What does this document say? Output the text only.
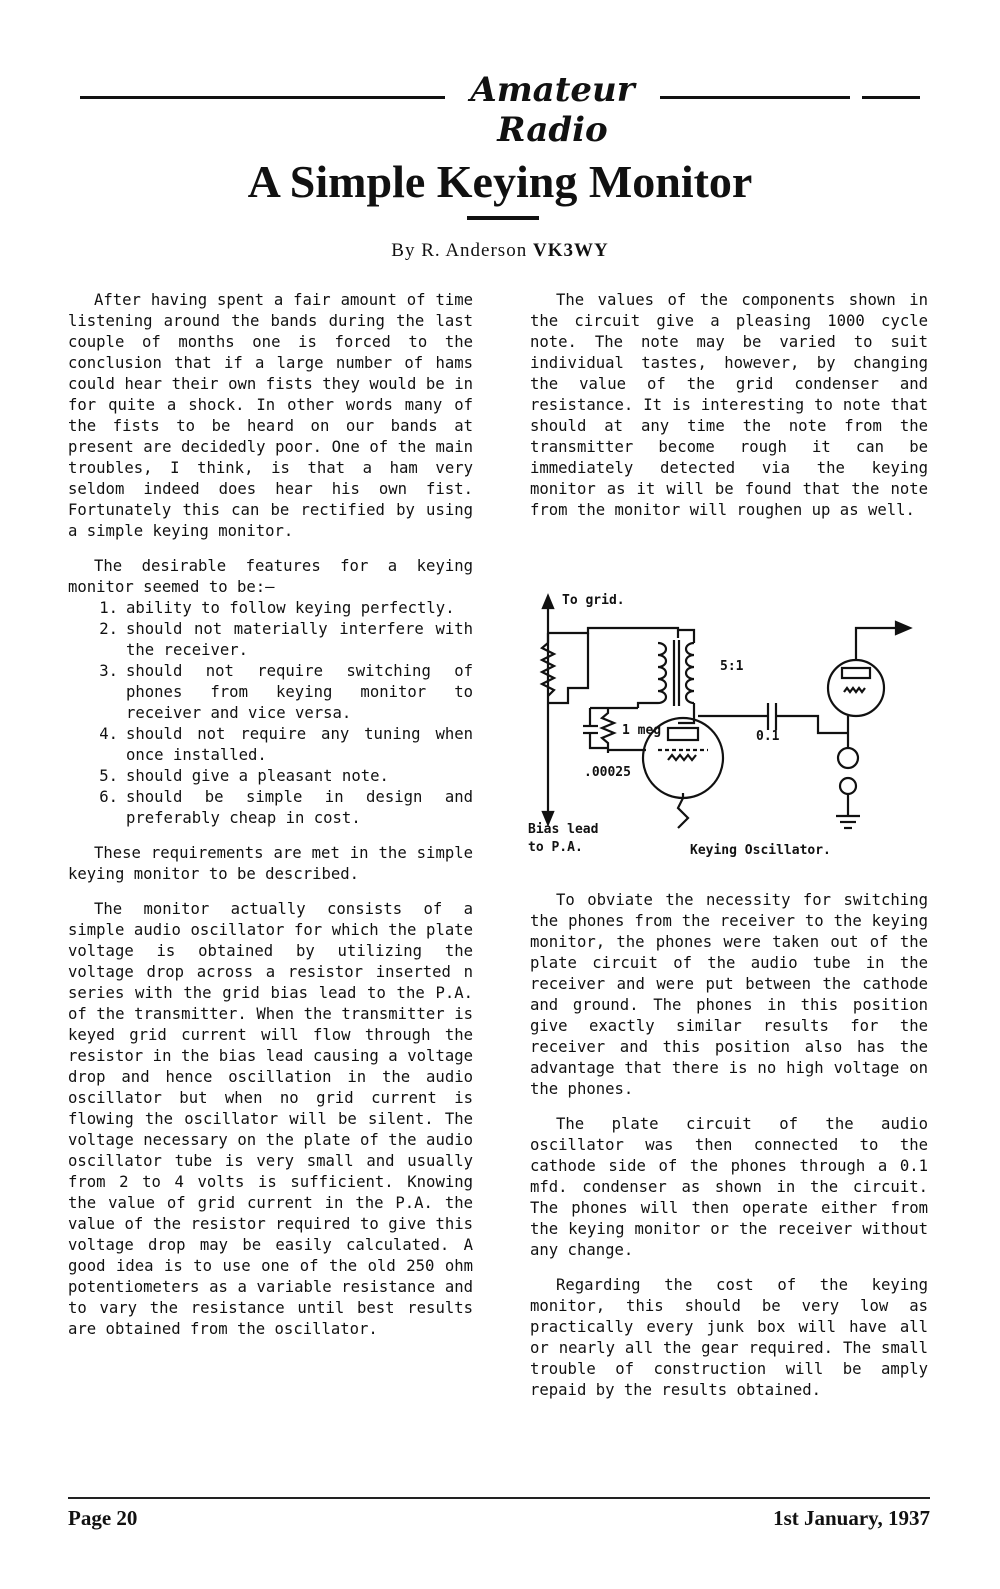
Amateur Radio
A Simple Keying Monitor
By R. Anderson VK3WY

After having spent a fair amount of time listening around the bands during the last couple of months one is forced to the conclusion that if a large number of hams could hear their own fists they would be in for quite a shock. In other words many of the fists to be heard on our bands at present are decidedly poor. One of the main troubles, I think, is that a ham very seldom indeed does hear his own fist. Fortunately this can be rectified by using a simple keying monitor.

The desirable features for a keying monitor seemed to be:—

1. ability to follow keying perfectly.
2. should not materially interfere with the receiver.
3. should not require switching of phones from keying monitor to receiver and vice versa.
4. should not require any tuning when once installed.
5. should give a pleasant note.
6. should be simple in design and preferably cheap in cost.

These requirements are met in the simple keying monitor to be described.

The monitor actually consists of a simple audio oscillator for which the plate voltage is obtained by utilizing the voltage drop across a resistor inserted n series with the grid bias lead to the P.A. of the transmitter. When the transmitter is keyed grid current will flow through the resistor in the bias lead causing a voltage drop and hence oscillation in the audio oscillator but when no grid current is flowing the oscillator will be silent. The voltage necessary on the plate of the audio oscillator tube is very small and usually from 2 to 4 volts is sufficient. Knowing the value of grid current in the P.A. the value of the resistor required to give this voltage drop may be easily calculated. A good idea is to use one of the old 250 ohm potentiometers as a variable resistance and to vary the resistance until best results are obtained from the oscillator.

The values of the components shown in the circuit give a pleasing 1000 cycle note. The note may be varied to suit individual tastes, however, by changing the value of the grid condenser and resistance. It is interesting to note that should at any time the note from the transmitter become rough it can be immediately detected via the keying monitor as it will be found that the note from the monitor will roughen up as well.

To grid.
5:1
1 meg
.00025
0.1
Bias lead
to P.A.	Keying Oscillator.

To obviate the necessity for switching the phones from the receiver to the keying monitor, the phones were taken out of the plate circuit of the audio tube in the receiver and were put between the cathode and ground. The phones in this position give exactly similar results for the receiver and this position also has the advantage that there is no high voltage on the phones.

The plate circuit of the audio oscillator was then connected to the cathode side of the phones through a 0.1 mfd. condenser as shown in the circuit. The phones will then operate either from the keying monitor or the receiver without any change.

Regarding the cost of the keying monitor, this should be very low as practically every junk box will have all or nearly all the gear required. The small trouble of construction will be amply repaid by the results obtained.

Page 20	1st January, 1937
